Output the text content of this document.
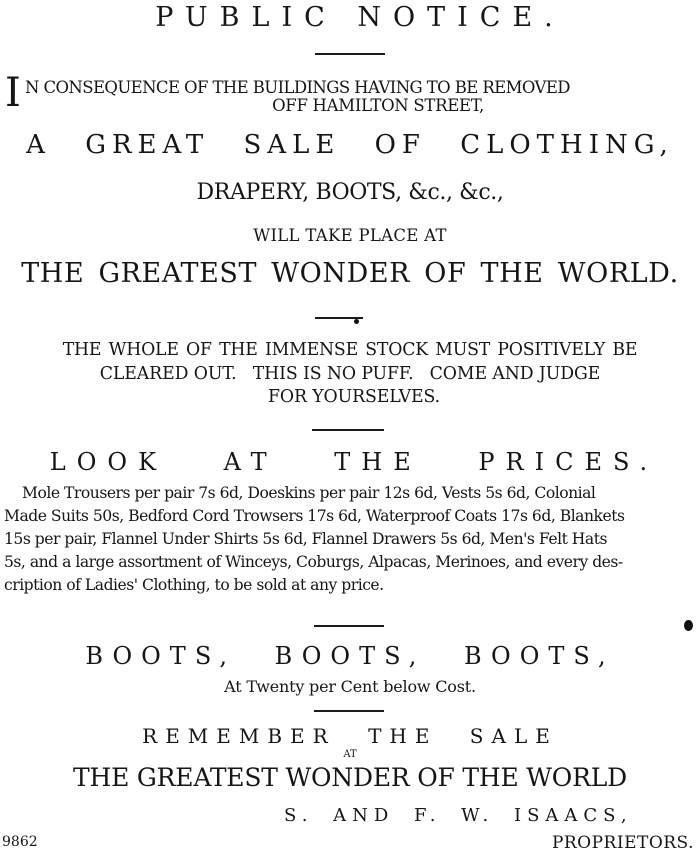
PUBLIC NOTICE.
I N CONSEQUENCE OF THE BUILDINGS HAVING TO BE REMOVED
OFF HAMILTON STREET,
A GREAT SALE OF CLOTHING,
DRAPERY, BOOTS, &c., &c.,
WILL TAKE PLACE AT
THE GREATEST WONDER OF THE WORLD.
THE WHOLE OF THE IMMENSE STOCK MUST POSITIVELY BE
CLEARED OUT.   THIS IS NO PUFF.   COME AND JUDGE
FOR YOURSELVES.
LOOK AT THE PRICES.
Mole Trousers per pair 7s 6d, Doeskins per pair 12s 6d, Vests 5s 6d, Colonial
Made Suits 50s, Bedford Cord Trowsers 17s 6d, Waterproof Coats 17s 6d, Blankets
15s per pair, Flannel Under Shirts 5s 6d, Flannel Drawers 5s 6d, Men's Felt Hats
5s, and a large assortment of Winceys, Coburgs, Alpacas, Merinoes, and every des-
cription of Ladies' Clothing, to be sold at any price.
BOOTS, BOOTS, BOOTS,
At Twenty per Cent below Cost.
REMEMBER THE SALE
AT
THE GREATEST WONDER OF THE WORLD
S. AND F. W. ISAACS,
9862	PROPRIETORS.
